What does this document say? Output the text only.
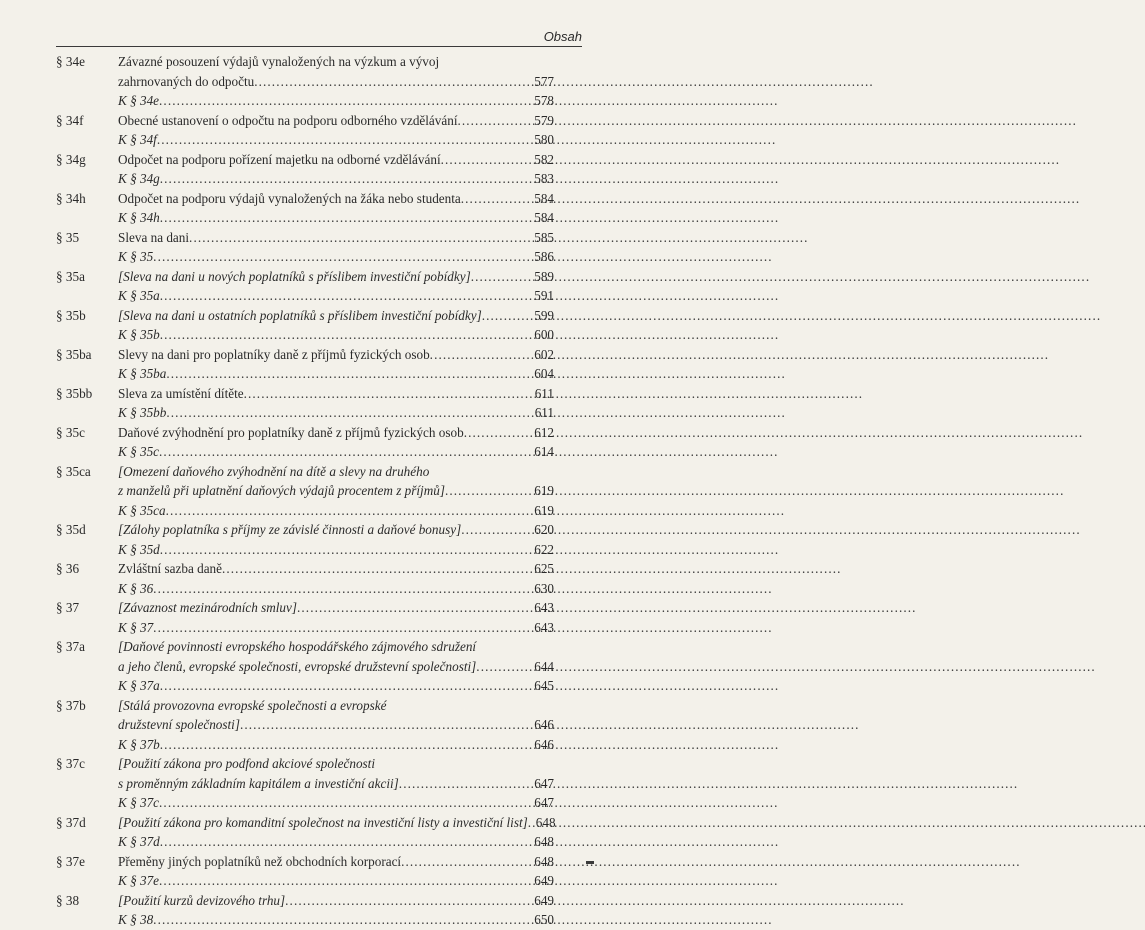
Obsah
§ 34e	Závazné posouzení výdajů vynaložených na výzkum a vývoj
zahrnovaných do odpočtu . . .	577
K § 34e . . .	578
§ 34f	Obecné ustanovení o odpočtu na podporu odborného vzdělávání . . .	579
K § 34f . . .	580
§ 34g Odpočet na podporu pořízení majetku na odborné vzdělávání . . .	582
K § 34g . . .	583
§ 34h Odpočet na podporu výdajů vynaložených na žáka nebo studenta . . .	584
K § 34h . . .	584
§ 35	Sleva na dani . . .	585
K § 35 . . .	586
§ 35a	[Sleva na dani u nových poplatníků s příslibem investiční pobídky] . . .	589
K § 35a . . .	591
§ 35b [Sleva na dani u ostatních poplatníků s příslibem investiční pobídky] . . .	599
K § 35b . . .	600
§ 35ba Slevy na dani pro poplatníky daně z příjmů fyzických osob . . .	602
K § 35ba . . .	604
§ 35bb Sleva za umístění dítěte . . .	611
K § 35bb . . .	611
§ 35c	Daňové zvýhodnění pro poplatníky daně z příjmů fyzických osob . . .	612
K § 35c . . .	614
§ 35ca [Omezení daňového zvýhodnění na dítě a slevy na druhého
z manželů při uplatnění daňových výdajů procentem z příjmů] . . .	619
K § 35ca . . .	619
§ 35d [Zálohy poplatníka s příjmy ze závislé činnosti a daňové bonusy] . . .	620
K § 35d . . .	622
§ 36	Zvláštní sazba daně . . .	625
K § 36 . . .	630
§ 37	[Závaznost mezinárodních smluv] . . .	643
K § 37 . . .	643
§ 37a	[Daňové povinnosti evropského hospodářského zájmového sdružení
a jeho členů, evropské společnosti, evropské družstevní společnosti] . . .	644
K § 37a . . .	645
§ 37b [Stálá provozovna evropské společnosti a evropské
družstevní společnosti] . . .	646
K § 37b . . .	646
§ 37c	[Použití zákona pro podfond akciové společnosti
s proměnným základním kapitálem a investiční akcii] . . .	647
K § 37c . . .	647
§ 37d [Použití zákona pro komanditní společnost na investiční listy a investiční list] . . . 648
K § 37d . . .	648
§ 37e	Přeměny jiných poplatníků než obchodních korporací . . .	648
K § 37e . . .	649
§ 38	[Použití kurzů devizového trhu] . . .	649
K § 38 . . .	650
